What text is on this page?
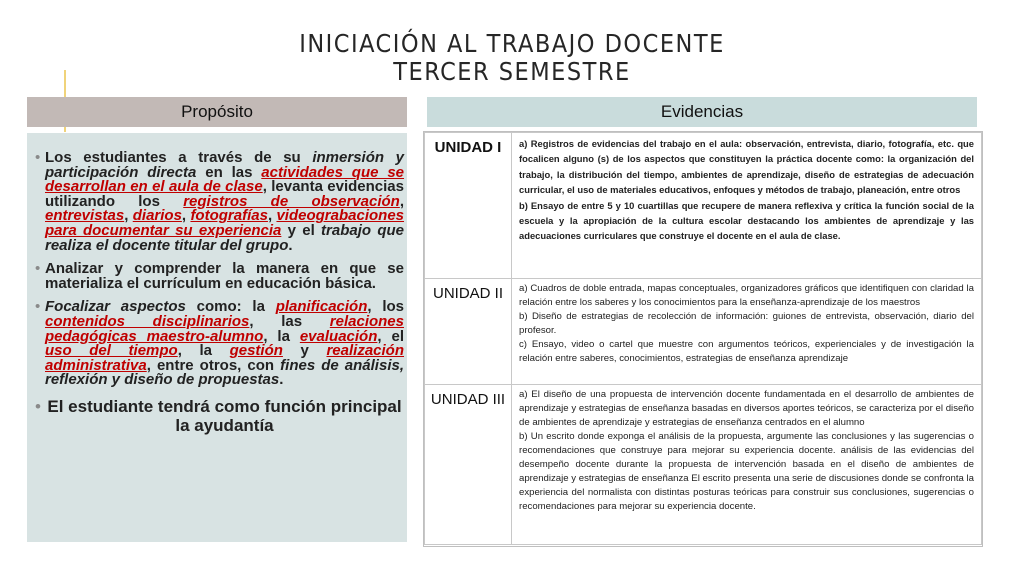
INICIACIÓN AL TRABAJO DOCENTE
TERCER SEMESTRE
Propósito	Evidencias

• Los estudiantes a través de su inmersión y participación directa en las actividades que se desarrollan en el aula de clase, levanta evidencias utilizando los registros de observación, entrevistas, diarios, fotografías, videograbaciones para documentar su experiencia y el trabajo que realiza el docente titular del grupo.

• Analizar y comprender la manera en que se materializa el currículum en educación básica.

• Focalizar aspectos como: la planificación, los contenidos disciplinarios, las relaciones pedagógicas maestro-alumno, la evaluación, el uso del tiempo, la gestión y realización administrativa, entre otros, con fines de análisis, reflexión y diseño de propuestas.

• El estudiante tendrá como función principal la ayudantía

UNIDAD I	a) Registros de evidencias del trabajo en el aula: observación, entrevista, diario, fotografía, etc. que focalicen alguno (s) de los aspectos que constituyen la práctica docente como: la organización del trabajo, la distribución del tiempo, ambientes de aprendizaje, diseño de estrategias de adecuación curricular, el uso de materiales educativos, enfoques y métodos de trabajo, planeación, entre otros

b) Ensayo de entre 5 y 10 cuartillas que recupere de manera reflexiva y crítica la función social de la escuela y la apropiación de la cultura escolar destacando los ambientes de aprendizaje y las adecuaciones curriculares que construye el docente en el aula de clase.

UNIDAD II	a) Cuadros de doble entrada, mapas conceptuales, organizadores gráficos que identifiquen con claridad la relación entre los saberes y los conocimientos para la enseñanza-aprendizaje de los maestros

b) Diseño de estrategias de recolección de información: guiones de entrevista, observación, diario del profesor.

c) Ensayo, video o cartel que muestre con argumentos teóricos, experienciales y de investigación la relación entre saberes, conocimientos, estrategias de enseñanza aprendizaje

UNIDAD III	a) El diseño de una propuesta de intervención docente fundamentada en el desarrollo de ambientes de aprendizaje y estrategias de enseñanza basadas en diversos aportes teóricos, se caracteriza por el diseño de ambientes de aprendizaje y estrategias de enseñanza centrados en el alumno

b) Un escrito donde exponga el análisis de la propuesta, argumente las conclusiones y las sugerencias o recomendaciones que construye para mejorar su experiencia docente. análisis de las evidencias del desempeño docente durante la propuesta de intervención basada en el diseño de ambientes de aprendizaje y estrategias de enseñanza El escrito presenta una serie de discusiones donde se confronta la experiencia del normalista con distintas posturas teóricas para construir sus conclusiones, sugerencias o recomendaciones para mejorar su experiencia docente.
